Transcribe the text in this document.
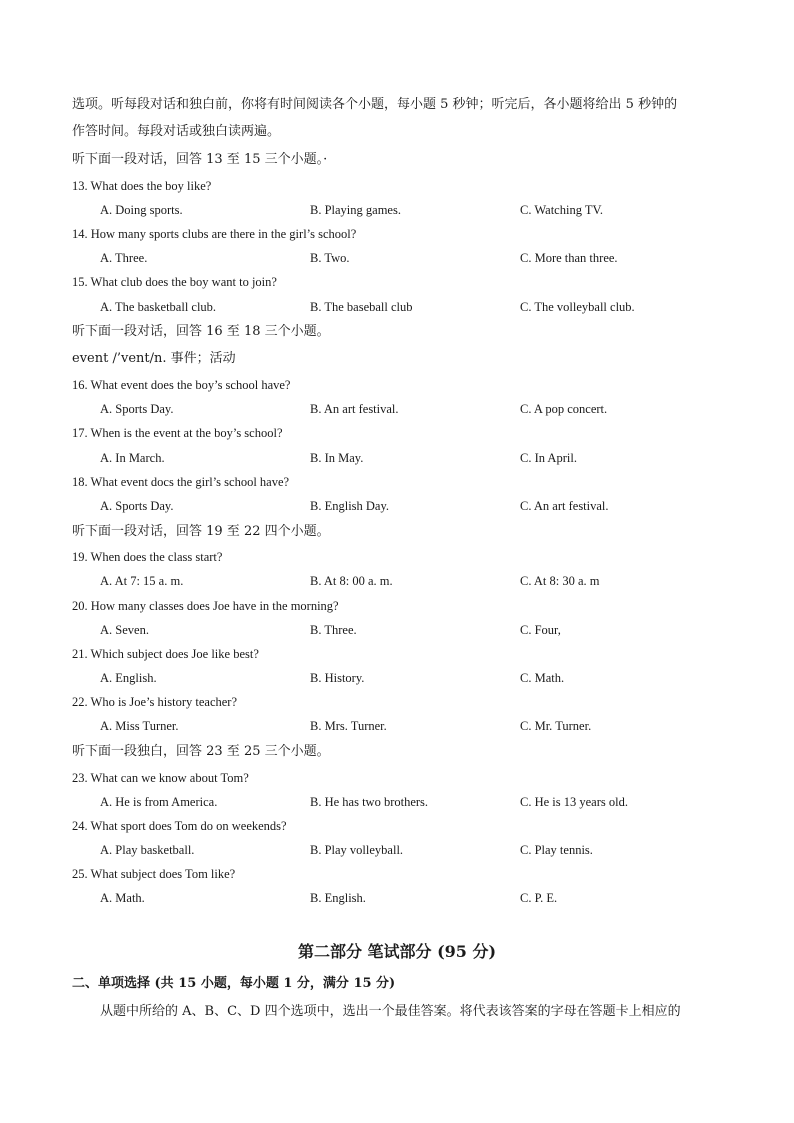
选项。听每段对话和独白前，你将有时间阅读各个小题，每小题 5 秒钟；听完后，各小题将给出 5 秒钟的
作答时间。每段对话或独白读两遍。
听下面一段对话，回答 13 至 15 三个小题。·
13. What does the boy like?
A. Doing sports.	B. Playing games.	C. Watching TV.
14. How many sports clubs are there in the girl’s school?
A. Three.	B. Two.	C. More than three.
15. What club does the boy want to join?
A. The basketball club.	B. The baseball club	C. The volleyball club.
听下面一段对话，回答 16 至 18 三个小题。
event /’vent/n. 事件；活动
16. What event does the boy’s school have?
A. Sports Day.	B. An art festival.	C. A pop concert.
17. When is the event at the boy’s school?
A. In March.	B. In May.	C. In April.
18. What event docs the girl’s school have?
A. Sports Day.	B. English Day.	C. An art festival.
听下面一段对话，回答 19 至 22 四个小题。
19. When does the class start?
A. At 7: 15 a. m.	B. At 8: 00 a. m.	C. At 8: 30 a. m
20. How many classes does Joe have in the morning?
A. Seven.	B. Three.	C. Four,
21. Which subject does Joe like best?
A. English.	B. History.	C. Math.
22. Who is Joe’s history teacher?
A. Miss Turner.	B. Mrs. Turner.	C. Mr. Turner.
听下面一段独白，回答 23 至 25 三个小题。
23. What can we know about Tom?
A. He is from America.	B. He has two brothers.	C. He is 13 years old.
24. What sport does Tom do on weekends?
A. Play basketball.	B. Play volleyball.	C. Play tennis.
25. What subject does Tom like?
A. Math.	B. English.	C. P. E.
第二部分 笔试部分 (95 分)
二、单项选择 (共 15 小题，每小题 1 分，满分 15 分)
从题中所给的 A、B、C、D 四个选项中，选出一个最佳答案。将代表该答案的字母在答题卡上相应的
